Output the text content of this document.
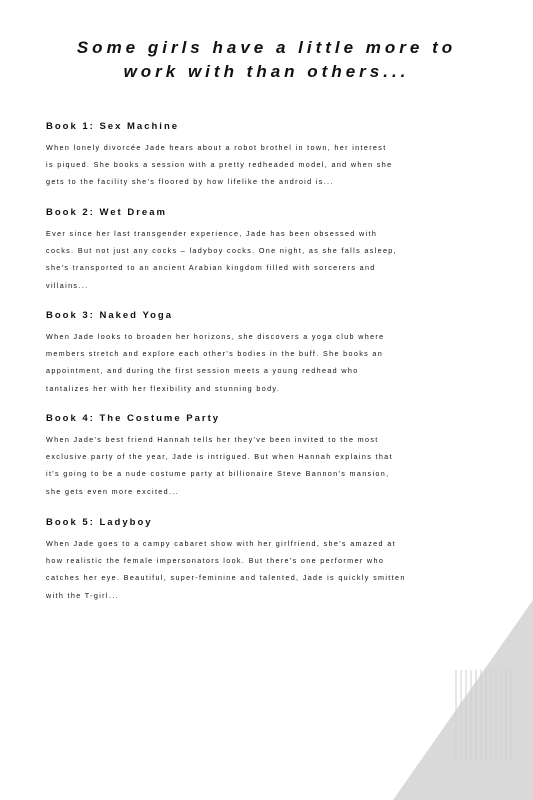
Some girls have a little more to
work with than others...
Book 1: Sex Machine

When lonely divorcée Jade hears about a robot brothel in town, her interest
is piqued. She books a session with a pretty redheaded model, and when she
gets to the facility she's floored by how lifelike the android is...

Book 2: Wet Dream

Ever since her last transgender experience, Jade has been obsessed with
cocks. But not just any cocks – ladyboy cocks. One night, as she falls asleep,
she's transported to an ancient Arabian kingdom filled with sorcerers and
villains...

Book 3: Naked Yoga

When Jade looks to broaden her horizons, she discovers a yoga club where
members stretch and explore each other's bodies in the buff. She books an
appointment, and during the first session meets a young redhead who
tantalizes her with her flexibility and stunning body.

Book 4: The Costume Party

When Jade's best friend Hannah tells her they've been invited to the most
exclusive party of the year, Jade is intrigued. But when Hannah explains that
it's going to be a nude costume party at billionaire Steve Bannon's mansion,
she gets even more excited...

Book 5: Ladyboy

When Jade goes to a campy cabaret show with her girlfriend, she's amazed at
how realistic the female impersonators look. But there's one performer who
catches her eye. Beautiful, super-feminine and talented, Jade is quickly smitten
with the T-girl...
